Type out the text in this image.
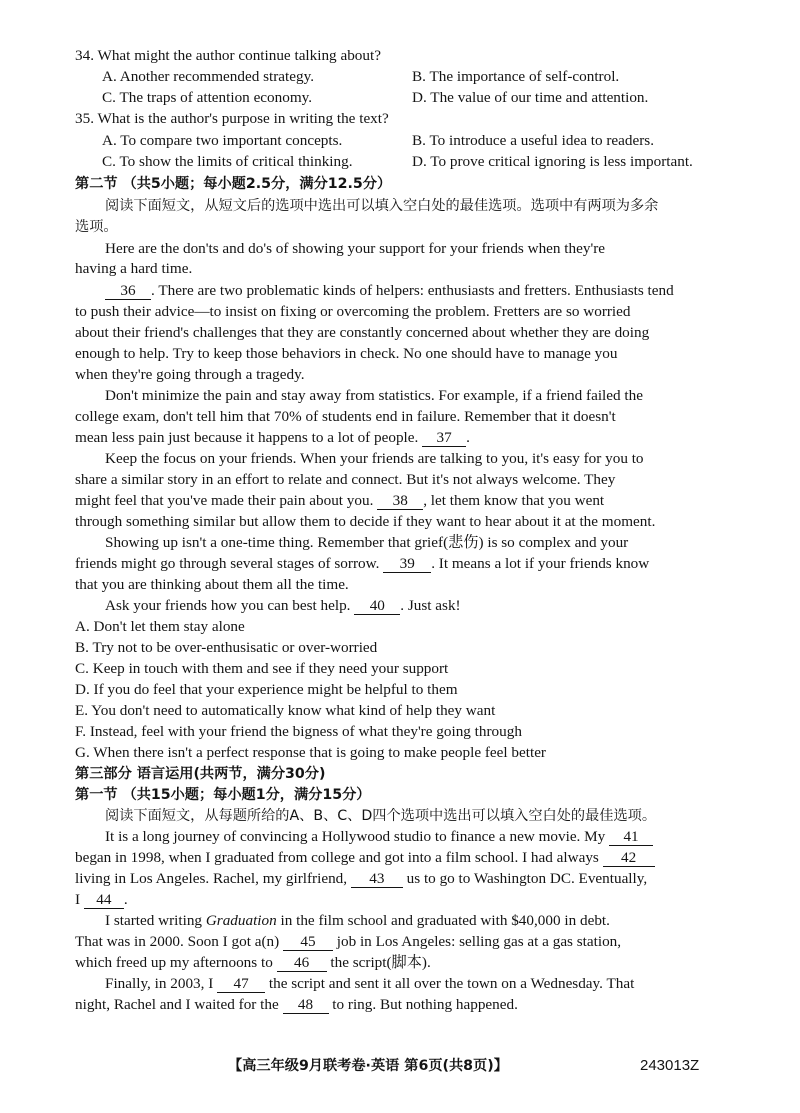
34. What might the author continue talking about?
A. Another recommended strategy.	B. The importance of self-control.
C. The traps of attention economy.	D. The value of our time and attention.
35. What is the author's purpose in writing the text?
A. To compare two important concepts.	B. To introduce a useful idea to readers.
C. To show the limits of critical thinking.	D. To prove critical ignoring is less important.
第二节 （共5小题；每小题2.5分，满分12.5分）
阅读下面短文，从短文后的选项中选出可以填入空白处的最佳选项。选项中有两项为多余
选项。
Here are the don'ts and do's of showing your support for your friends when they're
having a hard time.
36 . There are two problematic kinds of helpers: enthusiasts and fretters. Enthusiasts tend
to push their advice—to insist on fixing or overcoming the problem. Fretters are so worried
about their friend's challenges that they are constantly concerned about whether they are doing
enough to help. Try to keep those behaviors in check. No one should have to manage you
when they're going through a tragedy.
Don't minimize the pain and stay away from statistics. For example, if a friend failed the
college exam, don't tell him that 70% of students end in failure. Remember that it doesn't
mean less pain just because it happens to a lot of people. 37 .
Keep the focus on your friends. When your friends are talking to you, it's easy for you to
share a similar story in an effort to relate and connect. But it's not always welcome. They
might feel that you've made their pain about you. 38 , let them know that you went
through something similar but allow them to decide if they want to hear about it at the moment.
Showing up isn't a one-time thing. Remember that grief(悲伤) is so complex and your
friends might go through several stages of sorrow. 39 . It means a lot if your friends know
that you are thinking about them all the time.
Ask your friends how you can best help. 40 . Just ask!
A. Don't let them stay alone
B. Try not to be over-enthusisatic or over-worried
C. Keep in touch with them and see if they need your support
D. If you do feel that your experience might be helpful to them
E. You don't need to automatically know what kind of help they want
F. Instead, feel with your friend the bigness of what they're going through
G. When there isn't a perfect response that is going to make people feel better
第三部分 语言运用(共两节，满分30分)
第一节 （共15小题；每小题1分，满分15分）
阅读下面短文，从每题所给的A、B、C、D四个选项中选出可以填入空白处的最佳选项。
It is a long journey of convincing a Hollywood studio to finance a new movie. My 41
began in 1998, when I graduated from college and got into a film school. I had always 42
living in Los Angeles. Rachel, my girlfriend, 43 us to go to Washington DC. Eventually,
I 44 .
I started writing Graduation in the film school and graduated with $40,000 in debt.
That was in 2000. Soon I got a(n) 45 job in Los Angeles: selling gas at a gas station,
which freed up my afternoons to 46 the script(脚本).
Finally, in 2003, I 47 the script and sent it all over the town on a Wednesday. That
night, Rachel and I waited for the 48 to ring. But nothing happened.
【高三年级9月联考卷·英语 第6页(共8页)】	243013Z
